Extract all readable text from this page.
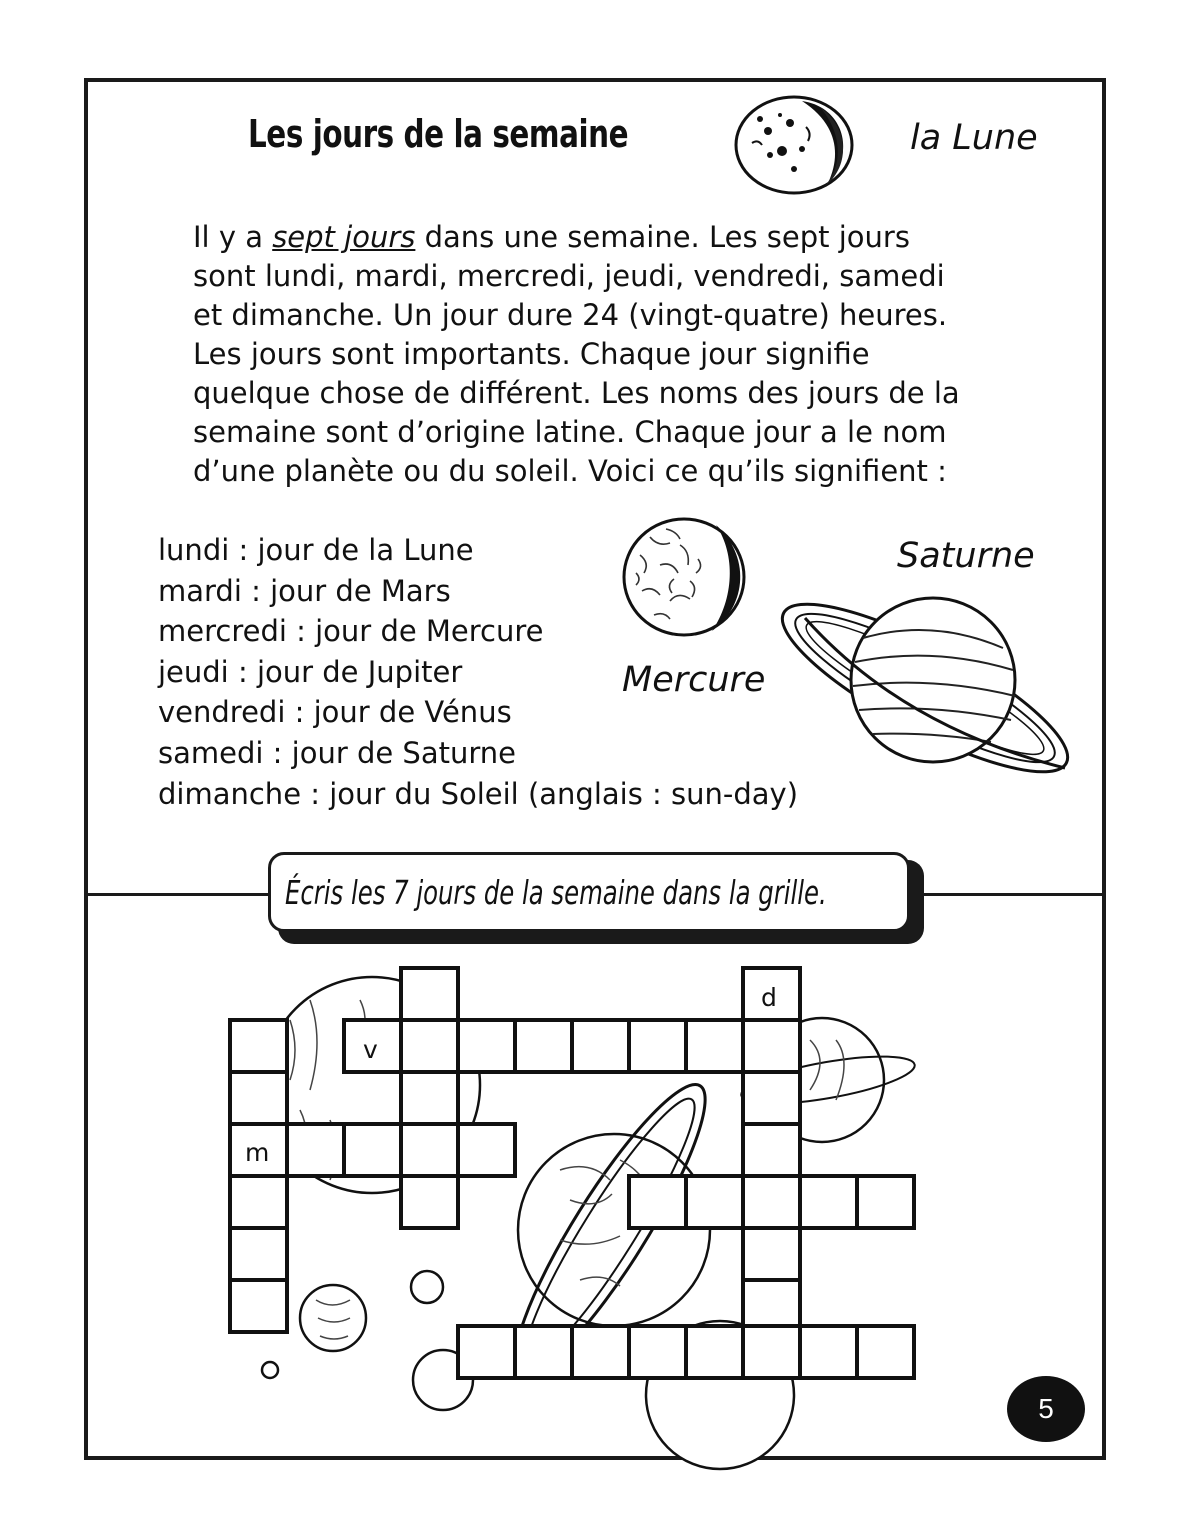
Les jours de la semaine	la Lune
Il y a sept jours dans une semaine. Les sept jours
sont lundi, mardi, mercredi, jeudi, vendredi, samedi
et dimanche. Un jour dure 24 (vingt-quatre) heures.
Les jours sont importants. Chaque jour signifie
quelque chose de différent. Les noms des jours de la
semaine sont d’origine latine. Chaque jour a le nom
d’une planète ou du soleil. Voici ce qu’ils signifient :
lundi : jour de la Lune
mardi : jour de Mars
mercredi : jour de Mercure
jeudi : jour de Jupiter
vendredi : jour de Vénus
samedi : jour de Saturne
dimanche : jour du Soleil (anglais : sun-day)
Mercure
Saturne
Écris les 7 jours de la semaine dans la grille.
d
v
m
5
